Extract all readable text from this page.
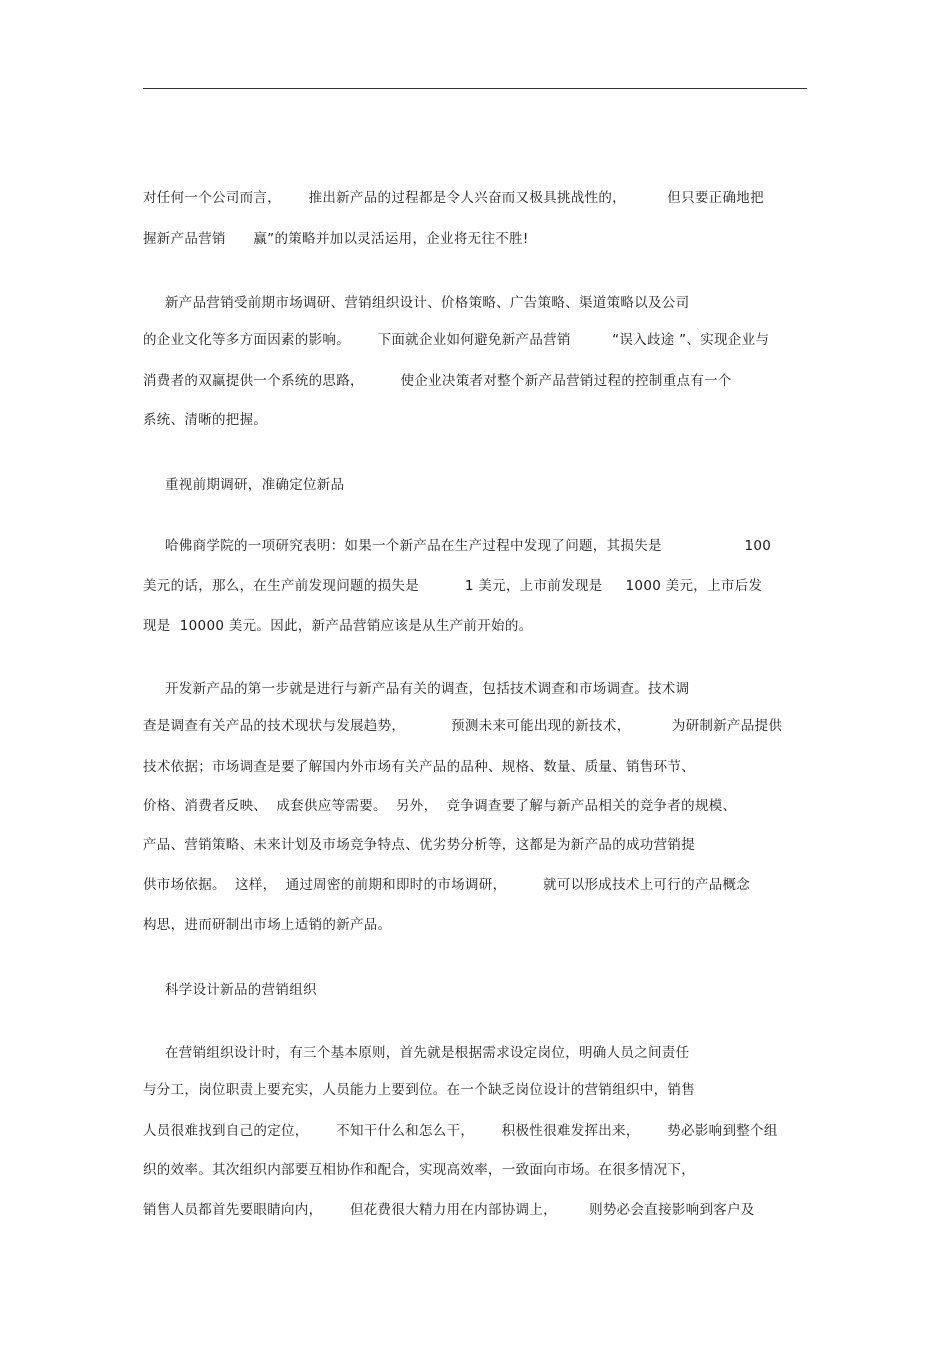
对任何一个公司而言，      推出新产品的过程都是令人兴奋而又极具挑战性的，         但只要正确地把
握新产品营销      赢”的策略并加以灵活运用，企业将无往不胜!
新产品营销受前期市场调研、营销组织设计、价格策略、广告策略、渠道策略以及公司
的企业文化等多方面因素的影响。      下面就企业如何避免新产品营销         “误入歧途 ”、实现企业与
消费者的双赢提供一个系统的思路，        使企业决策者对整个新产品营销过程的控制重点有一个
系统、清晰的把握。
重视前期调研，准确定位新品
哈佛商学院的一项研究表明：如果一个新产品在生产过程中发现了问题，其损失是                  100
美元的话，那么，在生产前发现问题的损失是          1 美元，上市前发现是     1000 美元，上市后发
现是  10000 美元。因此，新产品营销应该是从生产前开始的。
开发新产品的第一步就是进行与新产品有关的调查，包括技术调查和市场调查。技术调
查是调查有关产品的技术现状与发展趋势，          预测未来可能出现的新技术，         为研制新产品提供
技术依据；市场调查是要了解国内外市场有关产品的品种、规格、数量、质量、销售环节、
价格、消费者反映、  成套供应等需要。  另外，  竞争调查要了解与新产品相关的竞争者的规模、
产品、营销策略、未来计划及市场竞争特点、优劣势分析等，这都是为新产品的成功营销提
供市场依据。  这样，  通过周密的前期和即时的市场调研，        就可以形成技术上可行的产品概念
构思，进而研制出市场上适销的新产品。
科学设计新品的营销组织
在营销组织设计时，有三个基本原则，首先就是根据需求设定岗位，明确人员之间责任
与分工，岗位职责上要充实，人员能力上要到位。在一个缺乏岗位设计的营销组织中，销售
人员很难找到自己的定位，      不知干什么和怎么干，      积极性很难发挥出来，      势必影响到整个组
织的效率。其次组织内部要互相协作和配合，实现高效率，一致面向市场。在很多情况下，
销售人员都首先要眼睛向内，      但花费很大精力用在内部协调上，       则势必会直接影响到客户及
